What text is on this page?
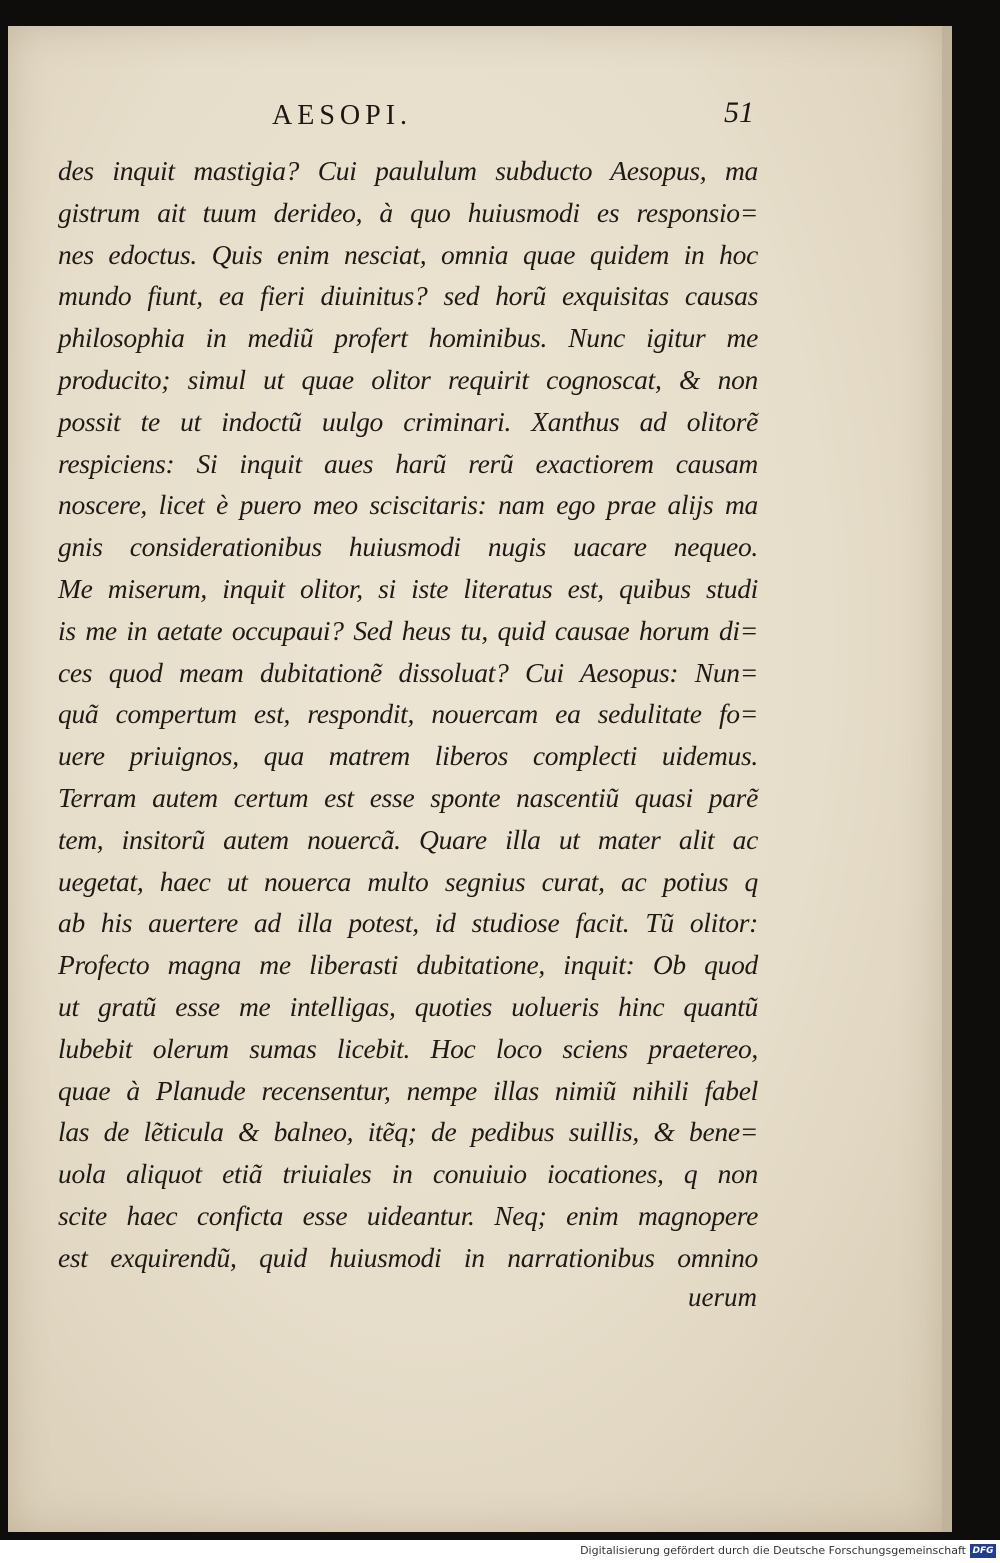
AESOPI.	51
des inquit mastigia? Cui paululum subducto Aesopus, ma
gistrum ait tuum derideo, à quo huiusmodi es responsio=
nes edoctus. Quis enim nesciat, omnia quae quidem in hoc
mundo fiunt, ea fieri diuinitus? sed horũ exquisitas causas
philosophia in mediũ profert hominibus. Nunc igitur me
producito; simul ut quae olitor requirit cognoscat, & non
possit te ut indoctũ uulgo criminari. Xanthus ad olitorẽ
respiciens: Si inquit aues harũ rerũ exactiorem causam
noscere, licet è puero meo sciscitaris: nam ego prae alijs ma
gnis considerationibus huiusmodi nugis uacare nequeo.
Me miserum, inquit olitor, si iste literatus est, quibus studi
is me in aetate occupaui? Sed heus tu, quid causae horum di=
ces quod meam dubitationẽ dissoluat? Cui Aesopus: Nun=
quã compertum est, respondit, nouercam ea sedulitate fo=
uere priuignos, qua matrem liberos complecti uidemus.
Terram autem certum est esse sponte nascentiũ quasi parẽ
tem, insitorũ autem nouercã. Quare illa ut mater alit ac
uegetat, haec ut nouerca multo segnius curat, ac potius q
ab his auertere ad illa potest, id studiose facit. Tũ olitor:
Profecto magna me liberasti dubitatione, inquit: Ob quod
ut gratũ esse me intelligas, quoties uolueris hinc quantũ
lubebit olerum sumas licebit. Hoc loco sciens praetereo,
quae à Planude recensentur, nempe illas nimiũ nihili fabel
las de lẽticula & balneo, itẽq; de pedibus suillis, & bene=
uola aliquot etiã triuiales in conuiuio iocationes, q non
scite haec conficta esse uideantur. Neq; enim magnopere
est exquirendũ, quid huiusmodi in narrationibus omnino
uerum
Digitalisierung gefördert durch die Deutsche Forschungsgemeinschaft DFG
